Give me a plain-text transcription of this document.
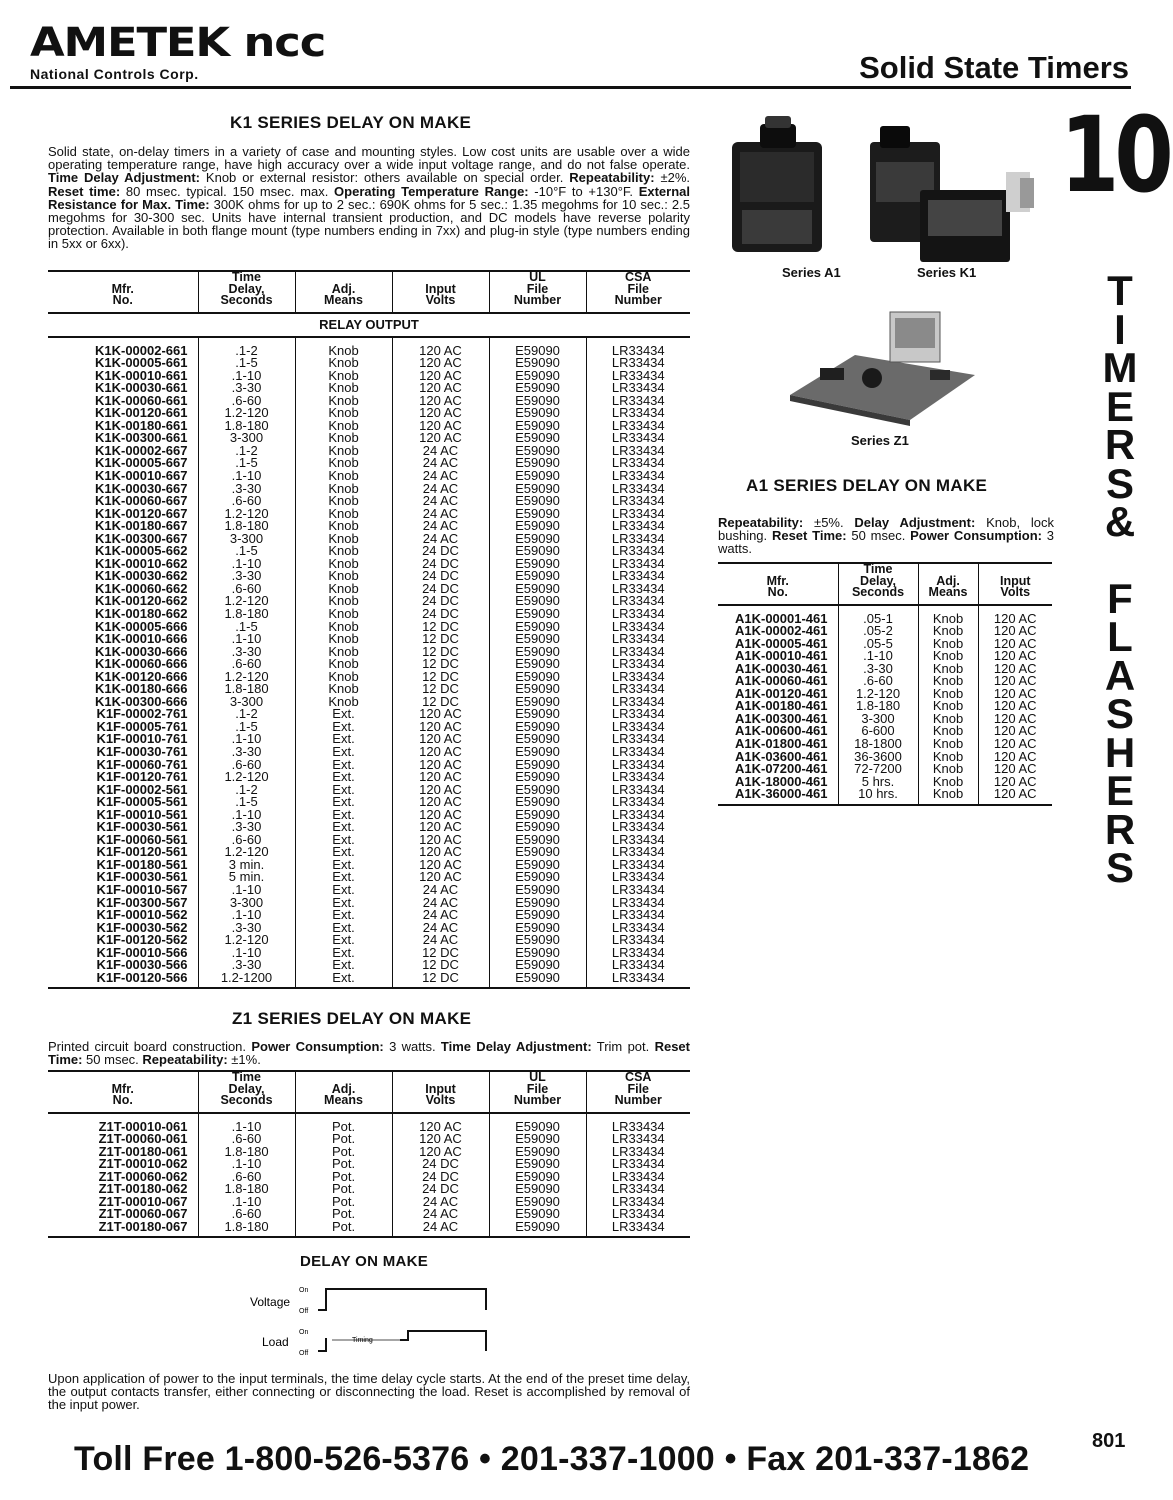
AMETEK ncc
National Controls Corp.	Solid State Timers
10
T
I
M
E
R
S
&
F
L
A
S
H
E
R
S
K1 SERIES DELAY ON MAKE
Solid state, on-delay timers in a variety of case and mounting styles. Low cost units are usable over a wide operating temperature range, have high accuracy over a wide input voltage range, and do not false operate. Time Delay Adjustment: Knob or external resistor: others available on special order. Repeatability: ±2%. Reset time: 80 msec. typical. 150 msec. max. Operating Temperature Range: -10°F to +130°F. External Resistance for Max. Time: 300K ohms for up to 2 sec.: 690K ohms for 5 sec.: 1.35 megohms for 10 sec.: 2.5 megohms for 30-300 sec. Units have internal transient production, and DC models have reverse polarity protection. Available in both flange mount (type numbers ending in 7xx) and plug-in style (type numbers ending in 5xx or 6xx).
Mfr.
No.	Time
Delay,
Seconds	Adj.
Means	Input
Volts	UL
File
Number	CSA
File
Number
RELAY OUTPUT					

K1K-00002-661	.1-2	Knob	120 AC	E59090	LR33434
K1K-00005-661	.1-5	Knob	120 AC	E59090	LR33434
K1K-00010-661	.1-10	Knob	120 AC	E59090	LR33434
K1K-00030-661	.3-30	Knob	120 AC	E59090	LR33434
K1K-00060-661	.6-60	Knob	120 AC	E59090	LR33434
K1K-00120-661	1.2-120	Knob	120 AC	E59090	LR33434
K1K-00180-661	1.8-180	Knob	120 AC	E59090	LR33434
K1K-00300-661	3-300	Knob	120 AC	E59090	LR33434
K1K-00002-667	.1-2	Knob	24 AC	E59090	LR33434
K1K-00005-667	.1-5	Knob	24 AC	E59090	LR33434
K1K-00010-667	.1-10	Knob	24 AC	E59090	LR33434
K1K-00030-667	.3-30	Knob	24 AC	E59090	LR33434
K1K-00060-667	.6-60	Knob	24 AC	E59090	LR33434
K1K-00120-667	1.2-120	Knob	24 AC	E59090	LR33434
K1K-00180-667	1.8-180	Knob	24 AC	E59090	LR33434
K1K-00300-667	3-300	Knob	24 AC	E59090	LR33434
K1K-00005-662	.1-5	Knob	24 DC	E59090	LR33434
K1K-00010-662	.1-10	Knob	24 DC	E59090	LR33434
K1K-00030-662	.3-30	Knob	24 DC	E59090	LR33434
K1K-00060-662	.6-60	Knob	24 DC	E59090	LR33434
K1K-00120-662	1.2-120	Knob	24 DC	E59090	LR33434
K1K-00180-662	1.8-180	Knob	24 DC	E59090	LR33434
K1K-00005-666	.1-5	Knob	12 DC	E59090	LR33434
K1K-00010-666	.1-10	Knob	12 DC	E59090	LR33434
K1K-00030-666	.3-30	Knob	12 DC	E59090	LR33434
K1K-00060-666	.6-60	Knob	12 DC	E59090	LR33434
K1K-00120-666	1.2-120	Knob	12 DC	E59090	LR33434
K1K-00180-666	1.8-180	Knob	12 DC	E59090	LR33434
K1K-00300-666	3-300	Knob	12 DC	E59090	LR33434
K1F-00002-761	.1-2	Ext.	120 AC	E59090	LR33434
K1F-00005-761	.1-5	Ext.	120 AC	E59090	LR33434
K1F-00010-761	.1-10	Ext.	120 AC	E59090	LR33434
K1F-00030-761	.3-30	Ext.	120 AC	E59090	LR33434
K1F-00060-761	.6-60	Ext.	120 AC	E59090	LR33434
K1F-00120-761	1.2-120	Ext.	120 AC	E59090	LR33434
K1F-00002-561	.1-2	Ext.	120 AC	E59090	LR33434
K1F-00005-561	.1-5	Ext.	120 AC	E59090	LR33434
K1F-00010-561	.1-10	Ext.	120 AC	E59090	LR33434
K1F-00030-561	.3-30	Ext.	120 AC	E59090	LR33434
K1F-00060-561	.6-60	Ext.	120 AC	E59090	LR33434
K1F-00120-561	1.2-120	Ext.	120 AC	E59090	LR33434
K1F-00180-561	3 min.	Ext.	120 AC	E59090	LR33434
K1F-00030-561	5 min.	Ext.	120 AC	E59090	LR33434
K1F-00010-567	.1-10	Ext.	24 AC	E59090	LR33434
K1F-00300-567	3-300	Ext.	24 AC	E59090	LR33434
K1F-00010-562	.1-10	Ext.	24 AC	E59090	LR33434
K1F-00030-562	.3-30	Ext.	24 AC	E59090	LR33434
K1F-00120-562	1.2-120	Ext.	24 AC	E59090	LR33434
K1F-00010-566	.1-10	Ext.	12 DC	E59090	LR33434
K1F-00030-566	.3-30	Ext.	12 DC	E59090	LR33434
K1F-00120-566	1.2-1200	Ext.	12 DC	E59090	LR33434
Series A1	Series K1
Series Z1
A1 SERIES DELAY ON MAKE
Repeatability: ±5%. Delay Adjustment: Knob, lock bushing. Reset Time: 50 msec. Power Consumption: 3 watts.
Mfr.
No.	Time
Delay,
Seconds	Adj.
Means	Input
Volts

A1K-00001-461	.05-1	Knob	120 AC
A1K-00002-461	.05-2	Knob	120 AC
A1K-00005-461	.05-5	Knob	120 AC
A1K-00010-461	.1-10	Knob	120 AC
A1K-00030-461	.3-30	Knob	120 AC
A1K-00060-461	.6-60	Knob	120 AC
A1K-00120-461	1.2-120	Knob	120 AC
A1K-00180-461	1.8-180	Knob	120 AC
A1K-00300-461	3-300	Knob	120 AC
A1K-00600-461	6-600	Knob	120 AC
A1K-01800-461	18-1800	Knob	120 AC
A1K-03600-461	36-3600	Knob	120 AC
A1K-07200-461	72-7200	Knob	120 AC
A1K-18000-461	5 hrs.	Knob	120 AC
A1K-36000-461	10 hrs.	Knob	120 AC
Z1 SERIES DELAY ON MAKE
Printed circuit board construction. Power Consumption: 3 watts. Time Delay Adjustment: Trim pot. Reset Time: 50 msec. Repeatability: ±1%.
Mfr.
No.	Time
Delay,
Seconds	Adj.
Means	Input
Volts	UL
File
Number	CSA
File
Number

Z1T-00010-061	.1-10	Pot.	120 AC	E59090	LR33434
Z1T-00060-061	.6-60	Pot.	120 AC	E59090	LR33434
Z1T-00180-061	1.8-180	Pot.	120 AC	E59090	LR33434
Z1T-00010-062	.1-10	Pot.	24 DC	E59090	LR33434
Z1T-00060-062	.6-60	Pot.	24 DC	E59090	LR33434
Z1T-00180-062	1.8-180	Pot.	24 DC	E59090	LR33434
Z1T-00010-067	.1-10	Pot.	24 AC	E59090	LR33434
Z1T-00060-067	.6-60	Pot.	24 AC	E59090	LR33434
Z1T-00180-067	1.8-180	Pot.	24 AC	E59090	LR33434
DELAY ON MAKE
Voltage
On
Off
Load
On
Off
Timing
Upon application of power to the input terminals, the time delay cycle starts. At the end of the preset time delay, the output contacts transfer, either connecting or disconnecting the load. Reset is accomplished by removal of the input power.
801
Toll Free 1-800-526-5376 • 201-337-1000 • Fax 201-337-1862
